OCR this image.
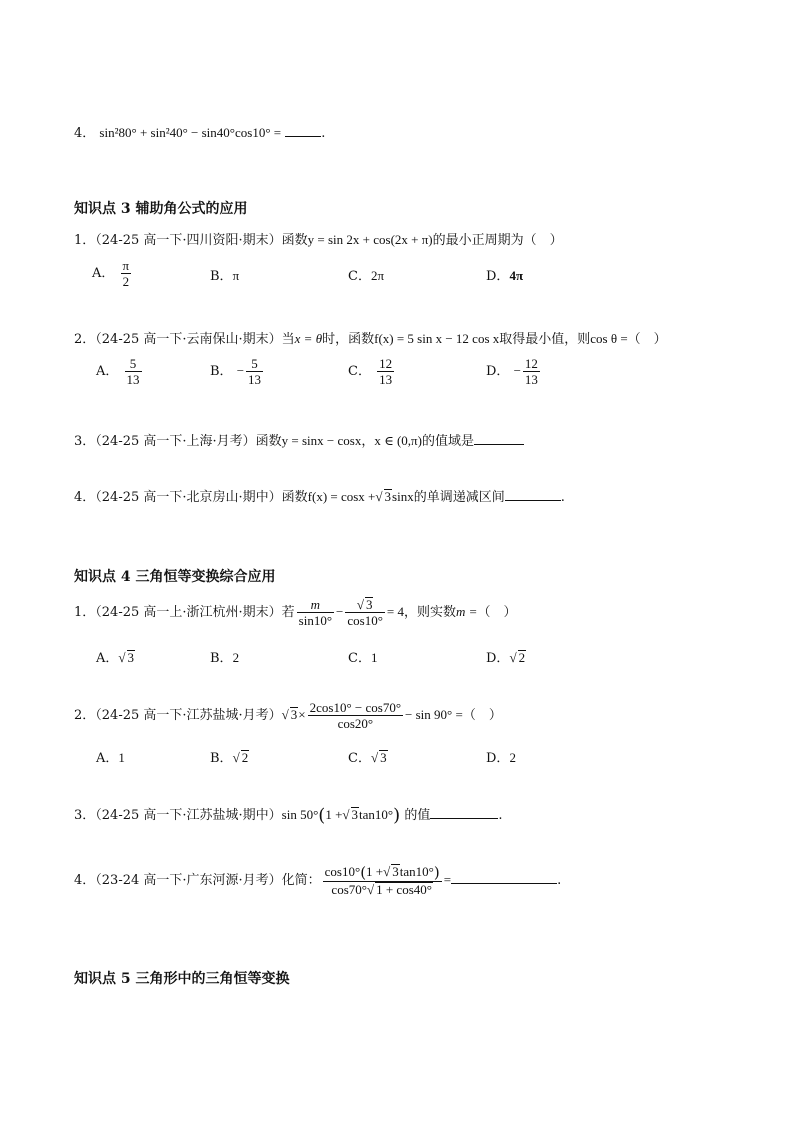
4． sin²80° + sin²40° − sin40°cos10° =	.
知识点 3 辅助角公式的应用
1．（24-25 高一下·四川资阳·期末）函数y = sin 2x + cos(2x + π)的最小正周期为（　）
A． $\frac{\pi}{2}$	B．π	C．2π	D．4π
2．（24-25 高一下·云南保山·期末）当x = θ时，函数f(x) = 5 sin x − 12 cos x取得最小值，则cos θ =（　）
A． $\frac{5}{13}$	B． − $\frac{5}{13}$	C． $\frac{12}{13}$	D． − $\frac{12}{13}$
3．（24-25 高一下·上海·月考）函数y = sinx − cosx，x ∈ (0,π)的值域是
4．（24-25 高一下·北京房山·期中）函数f(x) = cosx +√ 3sinx的单调递减区间	.
知识点 4 三角恒等变换综合应用
1．（24-25 高一上·浙江杭州·期末）若 $\frac{m}{\sin 10^\circ} - \frac{√ 3}{\cos 10^\circ} = 4$，则实数m =（　）
A．√ 3	B．2	C．1	D．√ 2
2．（24-25 高一下·江苏盐城·月考）√ $3\times \frac{2\cos 10^\circ - \cos 70^\circ}{\cos 20^\circ} - \sin 90^\circ$ =（　）
A．1	B．√ 2	C．√ 3	D．2
3．（24-25 高一下·江苏盐城·期中）sin 50°(1 +√ 3tan10°) 的值	.
4．（23-24 高一下·广东河源·月考）化简： $\frac{\cos 10^\circ(1 +√ 3\tan 10^\circ)}{\cos 70^\circ√ 1 + \cos 40^\circ}$ =	.
知识点 5 三角形中的三角恒等变换
